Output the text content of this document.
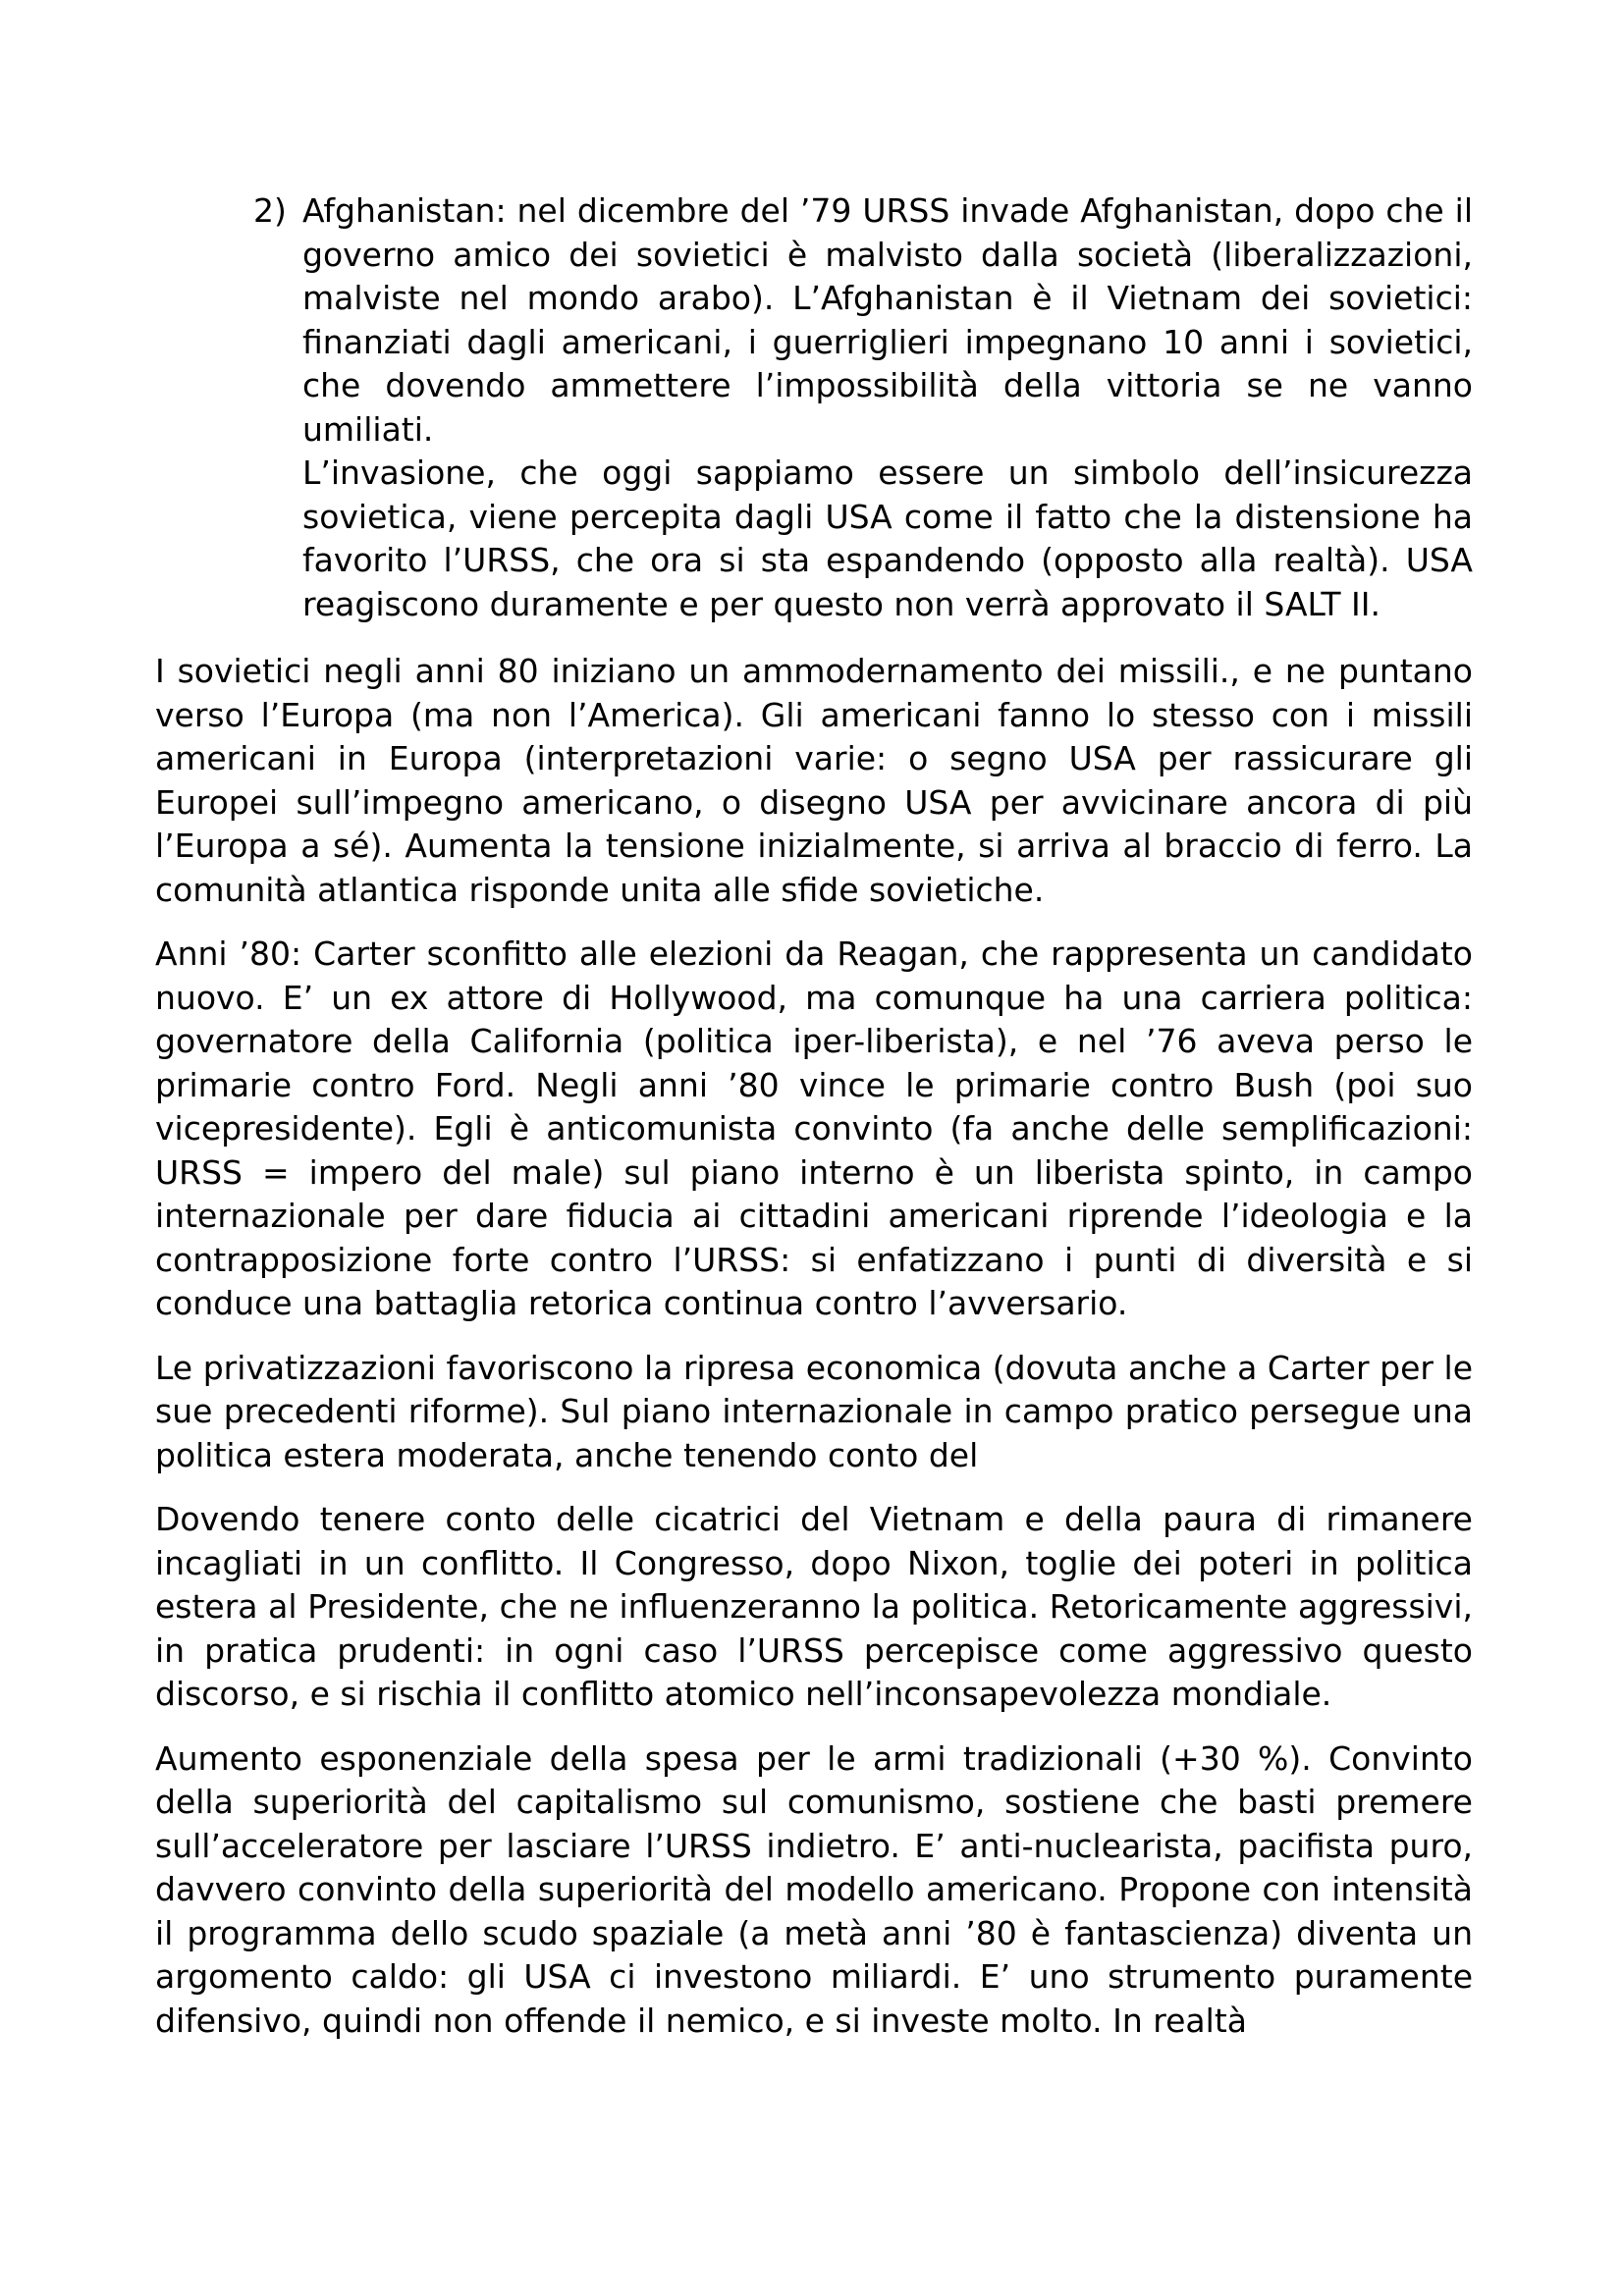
2) Afghanistan: nel dicembre del ’79 URSS invade Afghanistan, dopo che il governo amico dei sovietici è malvisto dalla società (liberalizzazioni, malviste nel mondo arabo). L’Afghanistan è il Vietnam dei sovietici: finanziati dagli americani, i guerriglieri impegnano 10 anni i sovietici, che dovendo ammettere l’impossibilità della vittoria se ne vanno umiliati.

L’invasione, che oggi sappiamo essere un simbolo dell’insicurezza sovietica, viene percepita dagli USA come il fatto che la distensione ha favorito l’URSS, che ora si sta espandendo (opposto alla realtà). USA reagiscono duramente e per questo non verrà approvato il SALT II.

I sovietici negli anni 80 iniziano un ammodernamento dei missili., e ne puntano verso l’Europa (ma non l’America). Gli americani fanno lo stesso con i missili americani in Europa (interpretazioni varie: o segno USA per rassicurare gli Europei sull’impegno americano, o disegno USA per avvicinare ancora di più l’Europa a sé). Aumenta la tensione inizialmente, si arriva al braccio di ferro. La comunità atlantica risponde unita alle sfide sovietiche.

Anni ’80: Carter sconfitto alle elezioni da Reagan, che rappresenta un candidato nuovo. E’ un ex attore di Hollywood, ma comunque ha una carriera politica: governatore della California (politica iper-liberista), e nel ’76 aveva perso le primarie contro Ford. Negli anni ’80 vince le primarie contro Bush (poi suo vicepresidente). Egli è anticomunista convinto (fa anche delle semplificazioni: URSS = impero del male) sul piano interno è un liberista spinto, in campo internazionale per dare fiducia ai cittadini americani riprende l’ideologia e la contrapposizione forte contro l’URSS: si enfatizzano i punti di diversità e si conduce una battaglia retorica continua contro l’avversario.

Le privatizzazioni favoriscono la ripresa economica (dovuta anche a Carter per le sue precedenti riforme). Sul piano internazionale in campo pratico persegue una politica estera moderata, anche tenendo conto del

Dovendo tenere conto delle cicatrici del Vietnam e della paura di rimanere incagliati in un conflitto. Il Congresso, dopo Nixon, toglie dei poteri in politica estera al Presidente, che ne influenzeranno la politica. Retoricamente aggressivi, in pratica prudenti: in ogni caso l’URSS percepisce come aggressivo questo discorso, e si rischia il conflitto atomico nell’inconsapevolezza mondiale.

Aumento esponenziale della spesa per le armi tradizionali (+30 %). Convinto della superiorità del capitalismo sul comunismo, sostiene che basti premere sull’acceleratore per lasciare l’URSS indietro. E’ anti-nuclearista, pacifista puro, davvero convinto della superiorità del modello americano. Propone con intensità il programma dello scudo spaziale (a metà anni ’80 è fantascienza) diventa un argomento caldo: gli USA ci investono miliardi. E’ uno strumento puramente difensivo, quindi non offende il nemico, e si investe molto. In realtà
